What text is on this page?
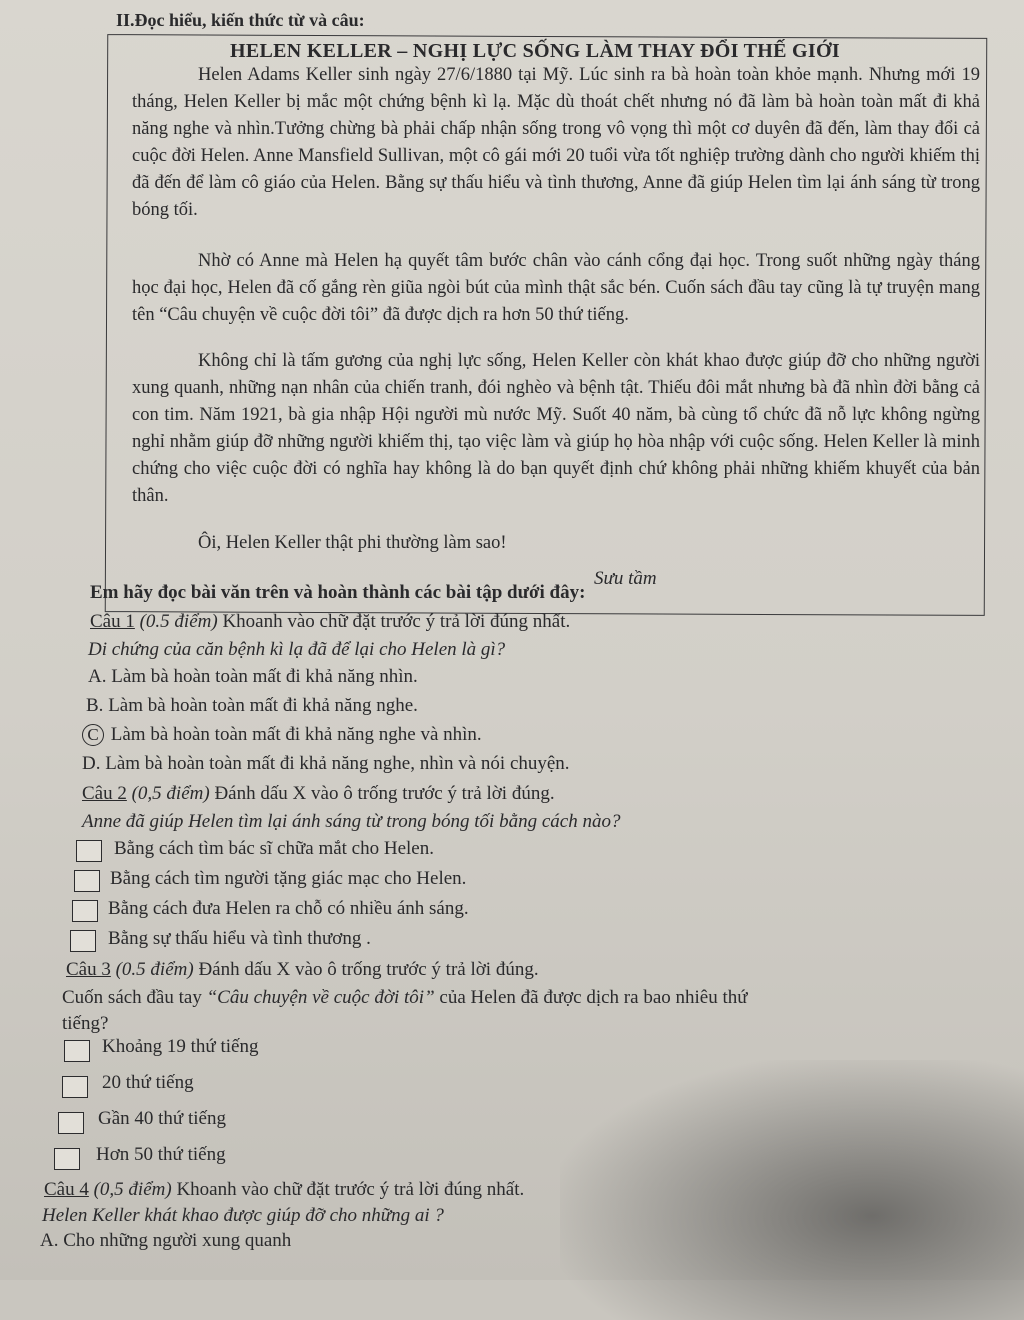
II.Đọc hiểu, kiến thức từ và câu:
HELEN KELLER – NGHỊ LỰC SỐNG LÀM THAY ĐỔI THẾ GIỚI
Helen Adams Keller sinh ngày 27/6/1880 tại Mỹ. Lúc sinh ra bà hoàn toàn khỏe mạnh. Nhưng mới 19 tháng, Helen Keller bị mắc một chứng bệnh kì lạ. Mặc dù thoát chết nhưng nó đã làm bà hoàn toàn mất đi khả năng nghe và nhìn.Tưởng chừng bà phải chấp nhận sống trong vô vọng thì một cơ duyên đã đến, làm thay đổi cả cuộc đời Helen. Anne Mansfield Sullivan, một cô gái mới 20 tuổi vừa tốt nghiệp trường dành cho người khiếm thị đã đến để làm cô giáo của Helen. Bằng sự thấu hiểu và tình thương, Anne đã giúp Helen tìm lại ánh sáng từ trong bóng tối.
Nhờ có Anne mà Helen hạ quyết tâm bước chân vào cánh cổng đại học. Trong suốt những ngày tháng học đại học, Helen đã cố gắng rèn giũa ngòi bút của mình thật sắc bén. Cuốn sách đầu tay cũng là tự truyện mang tên “Câu chuyện về cuộc đời tôi” đã được dịch ra hơn 50 thứ tiếng.
Không chỉ là tấm gương của nghị lực sống, Helen Keller còn khát khao được giúp đỡ cho những người xung quanh, những nạn nhân của chiến tranh, đói nghèo và bệnh tật. Thiếu đôi mắt nhưng bà đã nhìn đời bằng cả con tim. Năm 1921, bà gia nhập Hội người mù nước Mỹ. Suốt 40 năm, bà cùng tổ chức đã nỗ lực không ngừng nghỉ nhằm giúp đỡ những người khiếm thị, tạo việc làm và giúp họ hòa nhập với cuộc sống. Helen Keller là minh chứng cho việc cuộc đời có nghĩa hay không là do bạn quyết định chứ không phải những khiếm khuyết của bản thân.
Ôi, Helen Keller thật phi thường làm sao!
Sưu tầm
Em hãy đọc bài văn trên và hoàn thành các bài tập dưới đây:
Câu 1 (0.5 điểm) Khoanh vào chữ đặt trước ý trả lời đúng nhất.
Di chứng của căn bệnh kì lạ đã để lại cho Helen là gì?
A. Làm bà hoàn toàn mất đi khả năng nhìn.
B. Làm bà hoàn toàn mất đi khả năng nghe.
C Làm bà hoàn toàn mất đi khả năng nghe và nhìn.
D. Làm bà hoàn toàn mất đi khả năng nghe, nhìn và nói chuyện.
Câu 2 (0,5 điểm) Đánh dấu X vào ô trống trước ý trả lời đúng.
Anne đã giúp Helen tìm lại ánh sáng từ trong bóng tối bằng cách nào?
Bằng cách tìm bác sĩ chữa mắt cho Helen.
Bằng cách tìm người tặng giác mạc cho Helen.
Bằng cách đưa Helen ra chỗ có nhiều ánh sáng.
Bằng sự thấu hiểu và tình thương .
Câu 3 (0.5 điểm) Đánh dấu X vào ô trống trước ý trả lời đúng.
Cuốn sách đầu tay “Câu chuyện về cuộc đời tôi” của Helen đã được dịch ra bao nhiêu thứ
tiếng?
Khoảng 19 thứ tiếng
20 thứ tiếng
Gần 40 thứ tiếng
Hơn 50 thứ tiếng
Câu 4 (0,5 điểm) Khoanh vào chữ đặt trước ý trả lời đúng nhất.
Helen Keller khát khao được giúp đỡ cho những ai ?
A. Cho những người xung quanh
